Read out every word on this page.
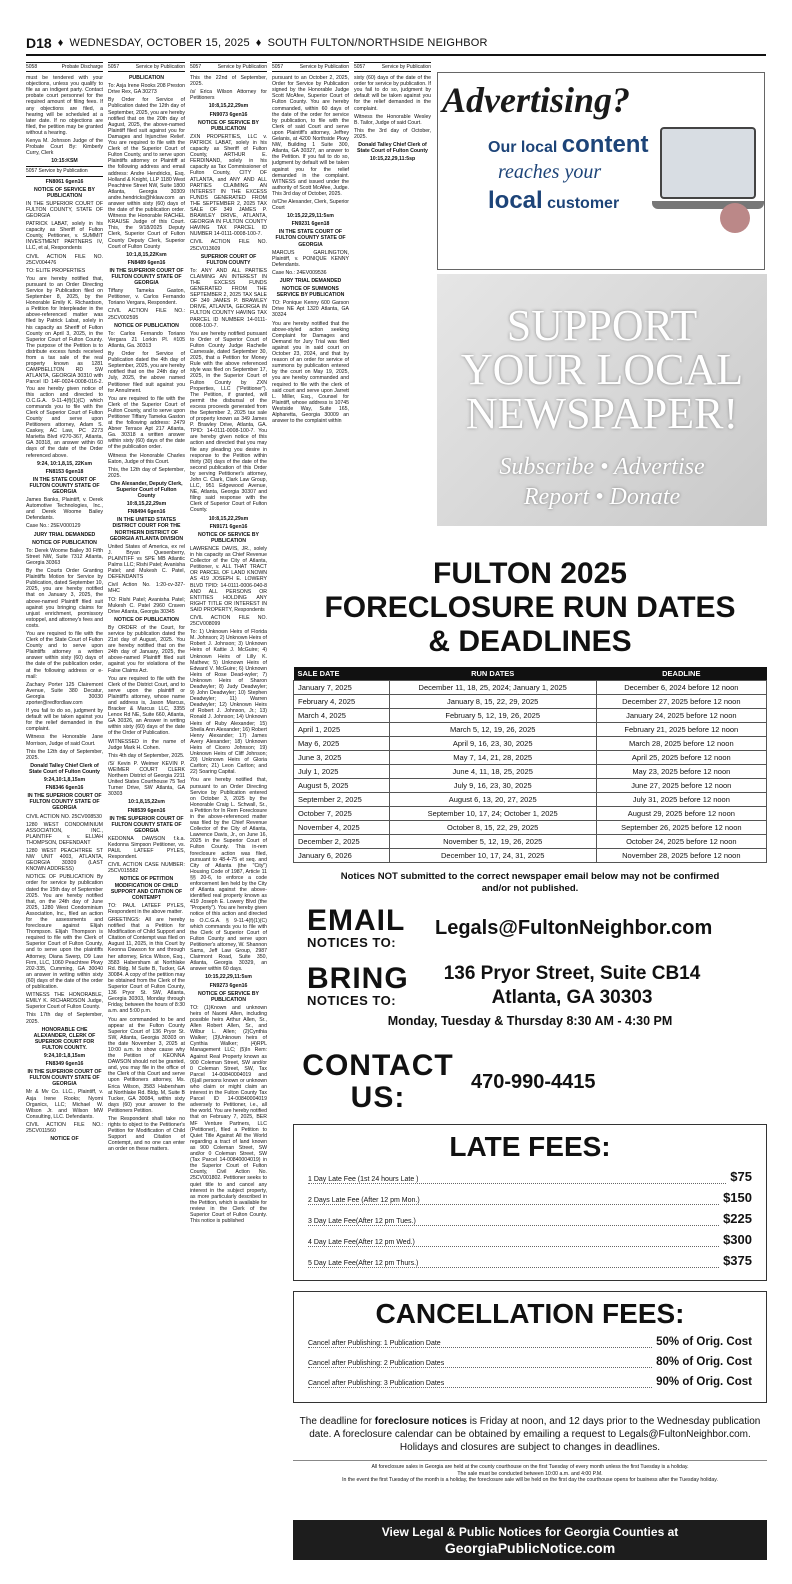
D18 ♦ WEDNESDAY, OCTOBER 15, 2025 ♦ SOUTH FULTON/NORTHSIDE NEIGHBOR
5058	Probate Discharge

must be tendered with your objections, unless you qualify to file as an indigent party. Contact probate court personnel for the required amount of filing fees. If any objections are filed, a hearing will be scheduled at a later date. If no objections are filed, the petition may be granted without a hearing.

Kenya M. Johnson Judge of the Probate Court By: Kimberly Curry, Clerk

10:15:KSM

5057 Service by Publication

FN8061 6gen16

NOTICE OF SERVICE BY PUBLICATION

IN THE SUPERIOR COURT OF FULTON COUNTY, STATE OF GEORGIA

PATRICK LABAT, solely in his capacity as Sheriff of Fulton County, Petitioner, v. SUMMIT INVESTMENT PARTNERS IV, LLC, et al, Respondents

CIVIL ACTION FILE NO. 25CV004476

TO: ELITE PROPERTIES

You are hereby notified that, pursuant to an Order Directing Service by Publication filed on September 8, 2025, by the Honorable Emily K. Richardson, a Petition for Interpleader in the above-referenced matter was filed by Patrick Labat, solely in his capacity as Sheriff of Fulton County on April 3, 2025, in the Superior Court of Fulton County. The purpose of the Petition is to distribute excess funds received from a tax sale of the real property known as 1281 CAMPBELLTON RD SW ATLANTA, GEORGIA 30310 with Parcel ID 14F-0024-0008-016-2. You are hereby given notice of this action and directed to O.C.G.A. 9-11-4(f)(1)(C) which commands you to file with the Clerk of Superior Court of Fulton County and serve upon Petitioners attorney, Adam S. Caskey, AC Law, PC 2273 Marietta Blvd #270-367, Atlanta, GA 30318, an answer within 60 days of the date of the Order referenced above.

9:24, 10:1,8,15, 22Ksm

FN8153 6gen18

IN THE STATE COURT OF FULTON COUNTY STATE OF GEORGIA

James Banks, Plaintiff, v. Derek Automotive Technologies, Inc., and Derek Woome Bailey Defendants.

Case No.: 25EV000129

JURY TRIAL DEMANDED

NOTICE OF PUBLICATION

To: Derek Woome Bailey 30 Fifth Street NW, Suite 7312 Atlanta, Georgia 30363

By the Courts Order Granting Plaintiffs Motion for Service by Publication, dated September 10, 2025, you are hereby notified that on January 3, 2025, the above-named Plaintiff filed suit against you bringing claims for unjust enrichment, promissory estoppel, and attorney's fees and costs.

You are required to file with the Clerk of the State Court of Fulton County and to serve upon Plaintiffs attorney a written answer within sixty (60) days of the date of the publication order, at the following address or e-mail:

Zachary Porter 125 Clairemont Avenue, Suite 380 Decatur, Georgia 30030 zporter@redfordlaw.com

If you fail to do so, judgment by default will be taken against you for the relief demanded in the complaint.

Witness the Honorable Jane Morrison, Judge of said Court.

This the 12th day of September, 2025.

Donald Talley Chief Clerk of State Court of Fulton County

9:24,10:1,8,15sm

FN8346 6gen16

IN THE SUPERIOR COURT OF FULTON COUNTY STATE OF GEORGIA

CIVIL ACTION NO. 25CV008530

1280 WEST CONDOMINIUM ASSOCIATION, INC., PLAINTIFF v. ELIJAH THOMPSON, DEFENDANT

1280 WEST PEACHTREE ST NW UNIT 4003, ATLANTA, GEORGIA 30309 (LAST KNOWN ADDRESS)

NOTICE OF PUBLICATION By order for service by publication dated the 15th day of September 2025. You are hereby notified that, on the 24th day of June 2025, 1280 West Condominium Association, Inc., filed an action for the assessments and foreclosure against Elijah Thompson. Elijah Thompson is required to file with the Clerk of Superior Court of Fulton County, and to serve upon the plaintiffs Attorney, Diana Swerp, D9 Law Firm, LLC, 1060 Peachtree Pkwy 202-335, Cumming, GA 30040 an answer in writing within sixty (60) days of the date of the order of publication.

WITNESS THE HONORABLE, EMILY K. RICHARDSON Judge, Superior Court of Fulton County.

This 17th day of September, 2025.

HONORABLE CHE ALEXANDER, CLERK OF SUPERIOR COURT FOR FULTON COUNTY.

9:24,10:1,8,15sm

FN8349 6gen16

IN THE SUPERIOR COURT OF FULTON COUNTY STATE OF GEORGIA

Mr & Mv Co. LLC., Plaintiff, v. Asja Irene Rooks; Nyomi Organics, LLC; Michael W. Wilson Jr. and Wilson MW Consulting, LLC. Defendants.

CIVIL ACTION FILE NO.: 25CV011560

NOTICE OF

5057	Service by Publication

PUBLICATION

To: Asja Irene Rooks 208 Preston Drive Rex, GA 30273

By Order for Service of Publication dated the 12th day of September, 2025, you are hereby notified that on the 20th day of August, 2025, the above-named Plaintiff filed suit against you for Damages and Injunctive Relief. You are required to file with the Clerk of the Superior Court of Fulton County, and to serve upon Plaintiffs attorney or Plaintiff at the following address and email address: Andre Hendricks, Esq. Holland & Knight, LLP 1180 West Peachtree Street NW, Suite 1800 Atlanta, Georgia 30309 andre.hendricks@hklaw.com an answer within sixty (60) days of the date of the publication order. Witness the Honorable RACHEL KRAUSE Judge of this Court. This, the 9/18/2025 Deputy Clerk, Superior Court of Fulton County Deputy Clerk, Superior Court of Fulton County

10:1,8,15,22Ksm

FN8489 6gen16

IN THE SUPERIOR COURT OF FULTON COUNTY STATE OF GEORGIA

Tiffany Tameka Gaston, Petitioner, v. Carlos Fernando Toriano Vergara, Respondent.

CIVIL ACTION FILE NO.: 25CV002595

NOTICE OF PUBLICATION

To: Carlos Fernando Toriano Vergara 21 Lorkin Pl. #105 Atlanta, Ga. 30313

By Order for Service of Publication dated the 4th day of September, 2025, you are hereby notified that on the 24th day of July, 2025, the above named Petitioner filed suit against you for Annulment.

You are required to file with the Clerk of the Superior Court of Fulton County, and to serve upon Petitioner Tiffany Tameka Gaston at the following address: 2479 Abner Terrace Apt 217 Atlanta, Ga. 30318 a written answer within sixty (60) days of the date of the publication order.

Witness the Honorable Charles Eaton, Judge of this Court.

This, the 12th day of September, 2025.

Che Alexander, Deputy Clerk, Superior Court of Fulton County

10:8,15,22,29sm

FN8494 6gen16

IN THE UNITED STATES DISTRICT COURT FOR THE NORTHERN DISTRICT OF GEORGIA ATLANTA DIVISION

United States of America, ex rel J. Bryan Quesenberry, PLAINTIFF vs SPE MB Atlantic Palms LLC; Rishi Patel; Avanisha Patel; and Mukesh C. Patel, DEFENDANTS

Civil Action No. 1:20-cv-327-MHC

TO: Rishi Patel; Avanisha Patel; Mukesh C. Patel 2960 Craven Drive Atlanta, Georgia 30345

NOTICE OF PUBLICATION

By ORDER of the Court, for service by publication dated the 21st day of August, 2025. You are hereby notified that on the 24th day of January, 2025, the above-named Plaintiff filed suit against you for violations of the False Claims Act.

You are required to file with the Clerk of the District Court, and to serve upon the plaintiff or Plaintiff's attorney, whose name and address is, Jason Marcus, Bracker & Marcus LLC, 3355 Lenox Rd NE, Suite 660, Atlanta, GA 30326, an Answer in writing within sixty (60) days of the date of the Order of Publication.

WITNESSED in the name of Judge Mark H. Cohen.

This 4th day of September, 2025.

/S/ Kevin P. Weimer KEVIN P. WEIMER COURT CLERK Northern District of Georgia 2211 United States Courthouse 75 Ted Turner Drive, SW Atlanta, GA 30303

10:1,8,15,22sm

FN8539 6gen16

IN THE SUPERIOR COURT OF FULTON COUNTY STATE OF GEORGIA

KEDONNA DAWSON f.k.a. Kedonna Simpson Petitioner, vs. PAUL LATEEF PYLES, Respondent.

CIVIL ACTION CASE NUMBER: 25CV015582

NOTICE OF PETITION MODIFICATION OF CHILD SUPPORT AND CITATION OF CONTEMPT

TO: PAUL LATEEF PYLES, Respondent in the above matter.

GREETINGS: All are hereby notified that a Petition for Modification of Child Support and Citation of Contempt was filed on August 11, 2025, in this Court by Keonna Dawson for and through her attorney, Erica Wilson, Esq., 3583 Habersham at Northlake Rd. Bldg. M Suite B, Tucker, GA 30084. A copy of the petition may be obtained from the Clerk of the Superior Court of Fulton County, 136 Pryor St. SW, Atlanta, Georgia 30303, Monday through Friday, between the hours of 8:30 a.m. and 5:00 p.m.

You are commanded to be and appear at the Fulton County Superior Court of 136 Pryor St. SW, Atlanta, Georgia 30303 on the date November 3, 2025 at 10:00 a.m. to show cause why the Petition of KEONNA DAWSON should not be granted, and, you may file in the office of the Clerk of this Court and serve upon Petitioners attorney, Ms. Erica Wilson, 3583 Habersham at Northlake Rd. Bldg. M, Suite B Tucker, GA 30084, within sixty days (60) your answer to the Petitioners Petition.

The Respondent shall take no rights to object to the Petitioner's Petition for Modification of Child Support and Citation of Contempt, and no one can enter an order on these matters.

5057	Service by Publication

This the 22nd of September, 2025.

/s/ Erica Wilson Attorney for Petitioners

10:8,15,22,29sm

FN9073 6gen16

NOTICE OF SERVICE BY PUBLICATION

ZXN PROPERTIES, LLC v. PATRICK LABAT, solely in his capacity as Sheriff of Fulton County, ARTHUR E. FERDINAND, solely in his capacity as Tax Commissioner of Fulton County, CITY OF ATLANTA, and ANY AND ALL PARTIES CLAIMING AN INTEREST IN THE EXCESS FUNDS GENERATED FROM THE SEPTEMBER 2, 2025 TAX SALE OF 349 JAMES P. BRAWLEY DRIVE, ATLANTA, GEORGIA IN FULTON COUNTY HAVING TAX PARCEL ID NUMBER 14-0111-0008-100-7.

CIVIL ACTION FILE NO. 25CV013609

SUPERIOR COURT OF FULTON COUNTY

To: ANY AND ALL PARTIES CLAIMING AN INTEREST IN THE EXCESS FUNDS GENERATED FROM THE SEPTEMBER 2, 2025 TAX SALE OF 349 JAMES P. BRAWLEY DRIVE, ATLANTA, GEORGIA IN FULTON COUNTY HAVING TAX PARCEL ID NUMBER 14-0111-0008-100-7.

You are hereby notified pursuant to Order of Superior Court of Fulton County Judge Rachelle Carnesale, dated September 30, 2025, that a Petition for Money Rule with the above referenced style was filed on September 17, 2025, in the Superior Court of Fulton County by ZXN Properties, LLC ("Petitioner"). The Petition, if granted, will permit the disbursal of the excess proceeds generated from the September 2, 2025 tax sale of property known as 349 James P. Brawley Drive, Atlanta, GA. TPID: 14-0111-0008-100-7. You are hereby given notice of this action and directed that you may file any pleading you desire in response to the Petition within thirty (30) days of the date of the second publication of this Order by serving Petitioner's attorney, John C. Clark, Clark Law Group, LLC, 951 Edgewood Avenue, NE, Atlanta, Georgia 30307 and filing said response with the Clerk of Superior Court of Fulton County.

10:8,15,22,29sm

FN9171 6gen16

NOTICE OF SERVICE BY PUBLICATION

LAWRENCE DAVIS, JR., solely in his capacity as Chief Revenue Collector of the City of Atlanta, Petitioner, v. ALL THAT TRACT OR PARCEL OF LAND KNOWN AS 419 JOSEPH E. LOWERY BLVD TPID: 14-0111-0006-040-8 AND ALL PERSONS OR ENTITIES HOLDING ANY RIGHT TITLE OR INTEREST IN SAID PROPERTY, Respondents

CIVIL ACTION FILE NO. 25CV008099

To: 1) Unknown Heirs of Florida M. Johnson; 2) Unknown Heirs of Robert J. Johnson; 3) Unknown Heirs of Kattie J. McGuire; 4) Unknown Heirs of Lilly K. Mathew; 5) Unknown Heirs of Edward V. McGuire; 6) Unknown Heirs of Rose Dead-wyler; 7) Unknown Heirs of Sharon Deadwyler; 8) Judy Deadwyler; 9) John Deadwyler; 10) Stephen Deadwyler; 11) Warren Deadwyler; 12) Unknown Heirs of Robert J. Johnson, Jr.; 13) Ronald J. Johnson; 14) Unknown Heirs of Ruby Alexander; 15) Sheila Ann Alexander; 16) Robert Henry Alexander; 17) James Avery Alexander; 18) Unknown Heirs of Cicero Johnson; 19) Unknown Heirs of Cliff Johnson; 20) Unknown Heirs of Gloria Carlton; 21) Leon Carlton; and 22) Soaring Capital.

You are hereby notified that, pursuant to an Order Directing Service by Publication entered on October 3, 2025 by the Honorable Craig L. Schwall, Sr., a Petition for In Rem Foreclosure in the above-referenced matter was filed by the Chief Revenue Collector of the City of Atlanta, Lawrence Davis, Jr., on June 16, 2025 in the Superior Court of Fulton County. This in-rem foreclosure action was filed, pursuant to 48-4-75 et seq. and City of Atlanta (the "City") Housing Code of 1987, Article 11 §§ 20-6, to enforce a code enforcement lien held by the City of Atlanta against the above-identified real property known as 419 Joseph E. Lowery Blvd (the "Property"). You are hereby given notice of this action and directed to O.C.G.A. § 9-11-4(f)(1)(C) which commands you to file with the Clerk of Superior Court of Fulton County and serve upon Petitioner's attorney, W. Shannon Sams, Jeff Law Group, 2987 Clairmont Road, Suite 350, Atlanta, Georgia 30329, an answer within 60 days.

10:15,22,29,11:5sm

FN9273 6gen16

NOTICE OF SERVICE BY PUBLICATION

TO: (1)Known and unknown heirs of Naomi Allen, including possible heirs Arthur Allen, Sr., Allen Robert Allen, Sr., and Wilbur L. Allen; (2)Cynthia Walker; (3)Unknown heirs of Cynthia Walker; (4)RPL Management LLC; (5)In Rem: Against Real Property known as 900 Coleman Street, SW and/or 0 Coleman Street, SW, Tax Parcel 14-00840004019 and (6)all persons known or unknown who claim or might claim an interest in the Fulton County Tax Parcel ID 14-00840004019 adversely to Petitioner, i.e., all the world. You are hereby notified that on February 7, 2025, BER MF Venture Partners, LLC (Petitioner), filed a Petition to Quiet Title Against All the World regarding a tract of land known as 900 Coleman Street, SW and/or 0 Coleman Street, SW (Tax Parcel 14-00840004019) in the Superior Court of Fulton County, Civil Action No. 25CV001802. Petitioner seeks to quiet title to and cancel any interest in the subject property, as more particularly described in the Petition, which is available for review in the Clerk of the Superior Court of Fulton County. This notice is published

5057	Service by Publication

pursuant to an October 2, 2025, Order for Service by Publication signed by the Honorable Judge Scott McAfee, Superior Court of Fulton County. You are hereby commanded, within 60 days of the date of the order for service by publication, to file with the Clerk of said Court and serve upon Plaintiff's attorney, Jeffrey Gelanis, at 4200 Northside Pkwy NW, Building 1 Suite 300, Atlanta, GA 30327, an answer to the Petition. If you fail to do so, judgment by default will be taken against you for the relief demanded in the complaint. WITNESS and issued under the authority of Scott McAfee, Judge. This 3rd day of October, 2025.

/s/Che Alexander, Clerk, Superior Court

10:15,22,29,11:5sm

FN9231 6gen18

IN THE STATE COURT OF FULTON COUNTY STATE OF GEORGIA

MARCUS GARLINGTON, Plaintiff, v. PONIQUE KENNY Defendants.

Case No.: 24EV009536

JURY TRIAL DEMANDED

NOTICE OF SUMMONS SERVICE BY PUBLICATION

TO: Ponique Kenny 600 Garson Drive NE Apt 1320 Atlanta, GA 30324

You are hereby notified that the above-styled action seeking Complaint for Damages and Demand for Jury Trial was filed against you in said court on October 23, 2024, and that by reason of an order for service of summons by publication entered by the court on May 19, 2025, you are hereby commanded and required to file with the clerk of said court and serve upon Jarrett L. Miller, Esq., Counsel for Plaintiff, whose address is 10745 Westside Way, Suite 165, Alpharetta, Georgia 30009 an answer to the complaint within

5057	Service by Publication

sixty (60) days of the date of the order for service by publication. If you fail to do so, judgment by default will be taken against you for the relief demanded in the complaint.

Witness the Honorable Wesley B. Tailor, Judge of said Court.

This the 3rd day of October, 2025.

Donald Talley Chief Clerk of State Court of Fulton County

10:15,22,29,11:5sp

Advertising?
Our local content
reaches your
local customer
SUPPORT
YOUR LOCAL
NEWSPAPER!
Subscribe • Advertise
Report • Donate
FULTON 2025
FORECLOSURE RUN DATES
& DEADLINES
SALE DATE	RUN DATES	DEADLINE
January 7, 2025	December 11, 18, 25, 2024; January 1, 2025	December 6, 2024 before 12 noon
February 4, 2025	January 8, 15, 22, 29, 2025	December 27, 2025 before 12 noon
March 4, 2025	February 5, 12, 19, 26, 2025	January 24, 2025 before 12 noon
April 1, 2025	March 5, 12, 19, 26, 2025	February 21, 2025 before 12 noon
May 6, 2025	April 9, 16, 23, 30, 2025	March 28, 2025 before 12 noon
June 3, 2025	May 7, 14, 21, 28, 2025	April 25, 2025 before 12 noon
July 1, 2025	June 4, 11, 18, 25, 2025	May 23, 2025 before 12 noon
August 5, 2025	July 9, 16, 23, 30, 2025	June 27, 2025 before 12 noon
September 2, 2025	August 6, 13, 20, 27, 2025	July 31, 2025 before 12 noon
October 7, 2025	September 10, 17, 24; October 1, 2025	August 29, 2025 before 12 noon
November 4, 2025	October 8, 15, 22, 29, 2025	September 26, 2025 before 12 noon
December 2, 2025	November 5, 12, 19, 26, 2025	October 24, 2025 before 12 noon
January 6, 2026	December 10, 17, 24, 31, 2025	November 28, 2025 before 12 noon
Notices NOT submitted to the correct newspaper email below may not be confirmed
and/or not published.
EMAIL
NOTICES TO:
Legals@FultonNeighbor.com
BRING
NOTICES TO:
136 Pryor Street, Suite CB14
Atlanta, GA 30303
Monday, Tuesday & Thursday 8:30 AM - 4:30 PM
CONTACT
US:	470-990-4415
LATE FEES:
1 Day Late Fee (1st 24 hours Late )	$75
2 Days Late Fee (After 12 pm Mon.)	$150
3 Day Late Fee(After 12 pm Tues.)	$225
4 Day Late Fee(After 12 pm Wed.)	$300
5 Day Late Fee(After 12 pm Thurs.)	$375
CANCELLATION FEES:
Cancel after Publishing: 1 Publication Date	50% of Orig. Cost
Cancel after Publishing: 2 Publication Dates	80% of Orig. Cost
Cancel after Publishing: 3 Publication Dates	90% of Orig. Cost
The deadline for foreclosure notices is Friday at noon, and 12 days prior to the Wednesday publication date. A foreclosure calendar can be obtained by emailing a request to Legals@FultonNeighbor.com.
Holidays and closures are subject to changes in deadlines.
All foreclosure sales in Georgia are held at the county courthouse on the first Tuesday of every month unless the first Tuesday is a holiday.
The sale must be conducted between 10:00 a.m. and 4:00 P.M.
In the event the first Tuesday of the month is a holiday, the foreclosure sale will be held on the first day the courthouse opens for business after the Tuesday holiday.
View Legal & Public Notices for Georgia Counties at
GeorgiaPublicNotice.com
